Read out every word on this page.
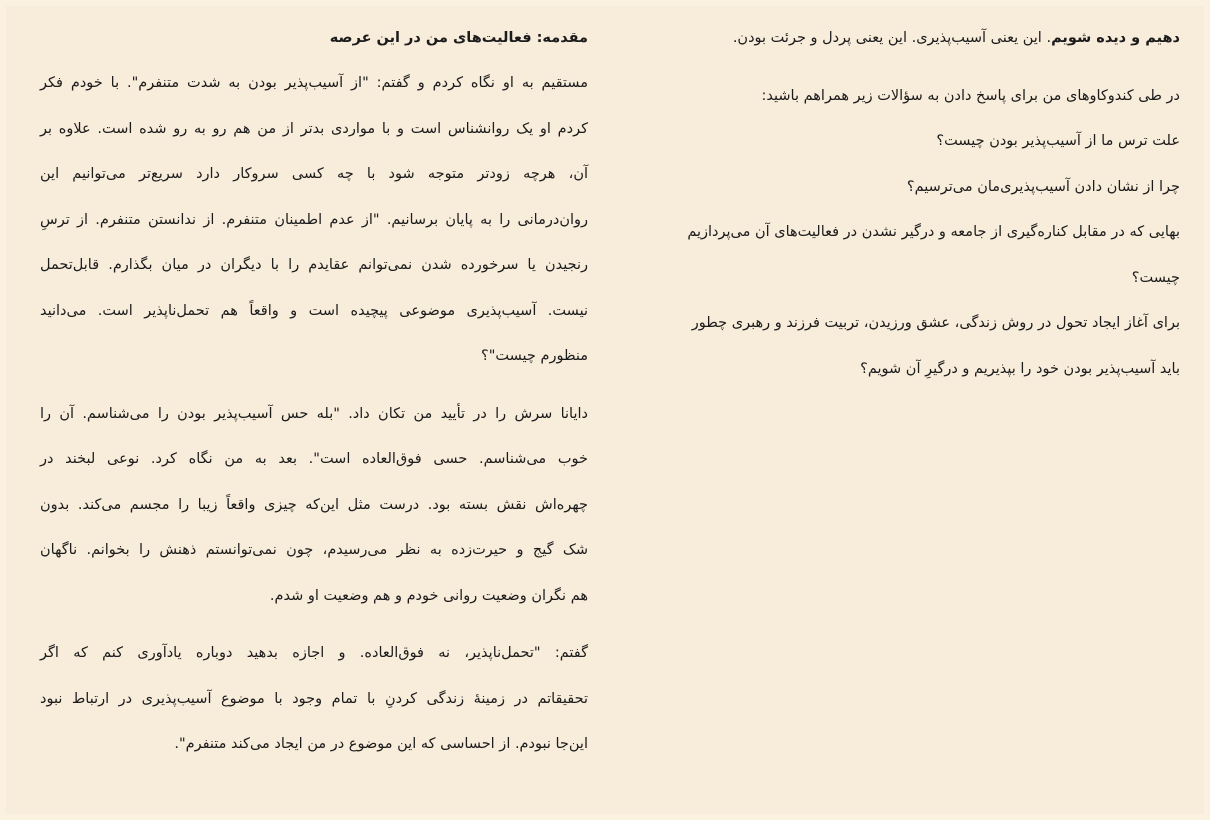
دهیم و دیده شویم. این یعنی آسیب‌پذیری. این یعنی پردل و جرئت بودن.
در طی کندوکاوهای من برای پاسخ دادن به سؤالات زیر همراهم باشید:
علت ترس ما از آسیب‌پذیر بودن چیست؟
چرا از نشان دادن آسیب‌پذیری‌مان می‌ترسیم؟
بهایی که در مقابل کناره‌گیری از جامعه و درگیر نشدن در فعالیت‌های آن می‌پردازیم
چیست؟
برای آغاز ایجاد تحول در روش زندگی، عشق ورزیدن، تربیت فرزند و رهبری چطور
باید آسیب‌پذیر بودن خود را بپذیریم و درگیرِ آن شویم؟
مقدمه: فعالیت‌های من در این عرصه
مستقیم به او نگاه کردم و گفتم: "از آسیب‌پذیر بودن به شدت متنفرم". با خودم فکر
کردم او یک روانشناس است و با مواردی بدتر از من هم رو به رو شده است. علاوه بر
آن، هرچه زودتر متوجه شود با چه کسی سروکار دارد سریع‌تر می‌توانیم این
روان‌درمانی را به پایان برسانیم. "از عدم اطمینان متنفرم. از ندانستن متنفرم. از ترسِ
رنجیدن یا سرخورده شدن نمی‌توانم عقایدم را با دیگران در میان بگذارم. قابل‌تحمل
نیست. آسیب‌پذیری موضوعی پیچیده است و واقعاً هم تحمل‌ناپذیر است. می‌دانید
منظورم چیست"؟
دایانا سرش را در تأیید من تکان داد. "بله حس آسیب‌پذیر بودن را می‌شناسم. آن را
خوب می‌شناسم. حسی فوق‌العاده است". بعد به من نگاه کرد. نوعی لبخند در
چهره‌اش نقش بسته بود. درست مثل این‌که چیزی واقعاً زیبا را مجسم می‌کند. بدون
شک گیج و حیرت‌زده به نظر می‌رسیدم، چون نمی‌توانستم ذهنش را بخوانم. ناگهان
هم نگران وضعیت روانی خودم و هم وضعیت او شدم.
گفتم: "تحمل‌ناپذیر، نه فوق‌العاده. و اجازه بدهید دوباره یادآوری کنم که اگر
تحقیقاتم در زمینهٔ زندگی کردنِ با تمام وجود با موضوع آسیب‌پذیری در ارتباط نبود
این‌جا نبودم. از احساسی که این موضوع در من ایجاد می‌کند متنفرم".
